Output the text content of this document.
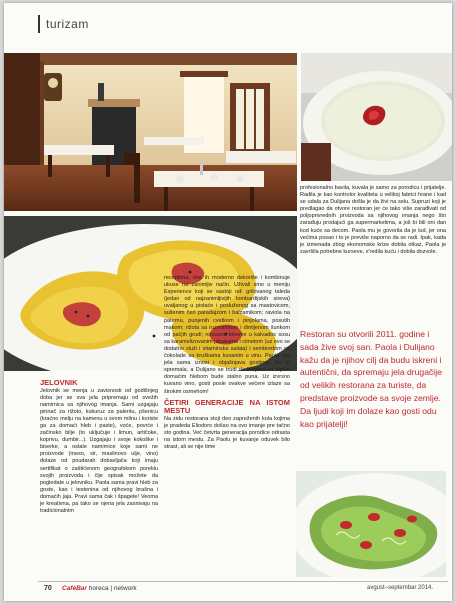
turizam
JELOVNIK

Jelovnik se menja u zavisnosti od godišnjeg doba jer se sva jela pripremaju od svežih namirnica sa njihovog imanja. Sami uzgajaju pirinač za rižoto, kukuruz za palentu, pšenicu (kraćno melju na kamenu u svom mlinu i koriste ga za domaći hleb i paste), voće, povrće i začinsko bilje (to uključuje i limun, artičoke, koprivu, dumbir...). Uzgajaju i svoje kokoške i biserke, a ostale namirnice koje sami ne proizvode (meso, sir, maslinovo ulje, vino) dolaze od poudarah dobavljača koji imaju sertifikat o zaštićenom geografskom poreklu svojih proizvoda i čije spisak možete da pogledate u jelovniku. Paola sama pravi hleb za goste, kao i testenina od njihovog brašna i domaćih jaja. Pravi sama čak i špagete! Veoma je kreativna, pa tako se njena jela zasnivaju na tradicionalnim

receptima, ona ih moderno dekoriše i kombinuje ukuse na zanimljiv način. Uživali smo u meniju Experience koji se sastoji od: grilovanog taleda (jedan od najzanimljivijih lombardijskih sireva) uvaljanog u pistaće i posluženog sa mastovicem, sušenim čeri paradajzom i balzamikom; raviola na paternu, punjenih cvetkom i pinjolama, posutih makom; rižota sa ruzmarinom i dimljenom šunkom od pačjih grudi; rolovane biserke u kalvados sosu sa karamelizovanim jabukama i cimetom (uz ovo se dodatno služi i vitaminska salata) i sembredom od čokolade sa kruškama kuvanim u vinu. Paola sva jela sama iznosi i objašnjava gostima. Sa je spremala, a Dulijano se trudi da korpica sa toplim domaćim hlebom bude stalno puna. Uz izvrsno kuvano vino, gosti posle ovakve večere izlaze sa širokim osmehom!

ČETIRI GENERACIJE NA ISTOM MESTU

Na zidu restorana stoji deo zapreženih kola kojima je pradeda Eliodoro došao na ovo imanje pre tačno sto godina. Već četvrta generacija porodice odrasta na istom mestu. Za Paolu je kuvanje oduvek bilo strast, ali se nije time

profesionalno bavila, kuvala je samo za porodicu i prijatelje. Radila je kao kontrolor kvaliteta u velikoj fabrici hrane i kad se udala za Dulijana došla je da živi na selu. Supruzi koji je predlagao da otvore restoran jer će tako više zarađivati od poljoprivrednih proizvoda sa njihovog imanja nego što zarađuju prodajući ga supermarketima, a još bi bili oni dan kod kuće sa decom. Paola mu je govorila da je lud, jer ona većima posao i to je previše naporno da se radi. Ipak, kada je izmenada zbog ekonomske krize dobila otkaz, Paola je završila potrebne kurseve, s'redila kuću i dobila dozvole.

Restoran su otvorili 2011. godine i sada žive svoj san. Paola i Dulijano kažu da je njihov cilj da budu iskreni i autentični, da spremaju jela drugačije od velikih restorana za turiste, da predstave proizvode sa svoje zemlje. Da ljudi koji im dolaze kao gosti odu kao prijatelji!
70 CaféBar horeca | network	avgust–septembar 2014.
